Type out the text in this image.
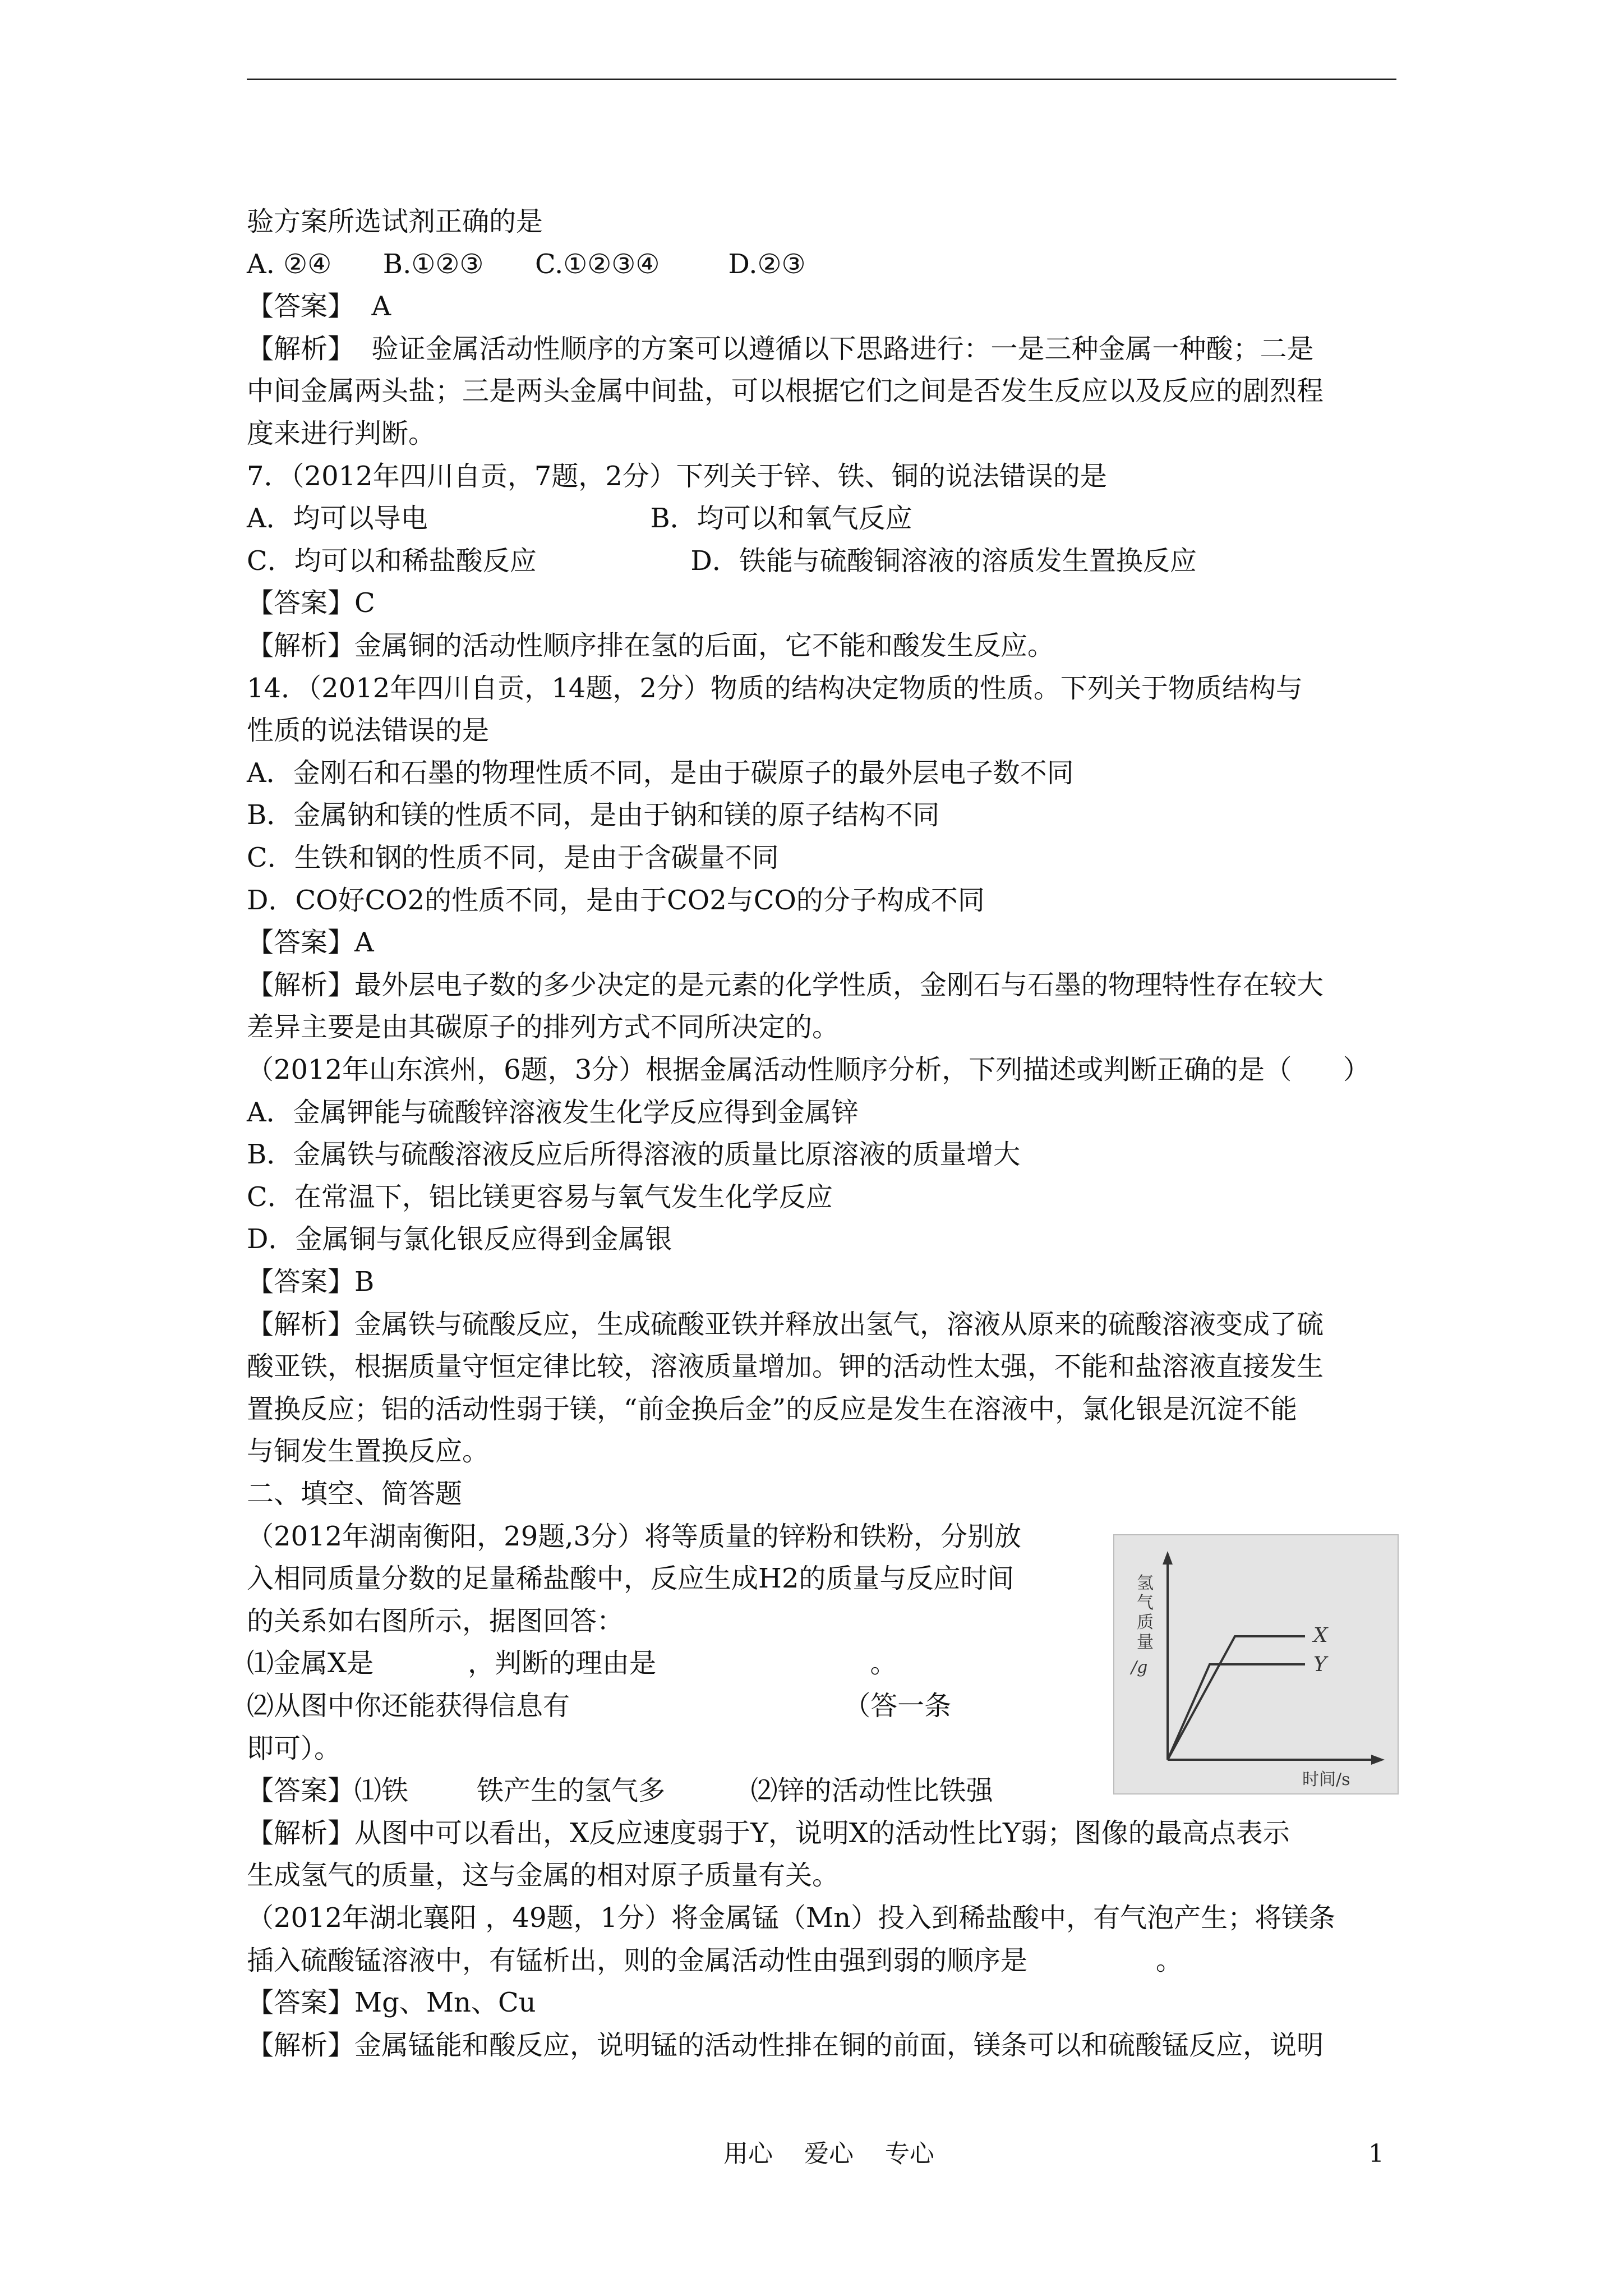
验方案所选试剂正确的是
A. ②④      B.①②③      C.①②③④        D.②③
【答案】  A
【解析】  验证金属活动性顺序的方案可以遵循以下思路进行：一是三种金属一种酸；二是
中间金属两头盐；三是两头金属中间盐，可以根据它们之间是否发生反应以及反应的剧烈程
度来进行判断。
7．（2012年四川自贡，7题，2分）下列关于锌、铁、铜的说法错误的是
A．均可以导电                          B．均可以和氧气反应
C．均可以和稀盐酸反应                  D．铁能与硫酸铜溶液的溶质发生置换反应
【答案】C
【解析】金属铜的活动性顺序排在氢的后面，它不能和酸发生反应。
14．（2012年四川自贡，14题，2分）物质的结构决定物质的性质。下列关于物质结构与
性质的说法错误的是
A．金刚石和石墨的物理性质不同，是由于碳原子的最外层电子数不同
B．金属钠和镁的性质不同，是由于钠和镁的原子结构不同
C．生铁和钢的性质不同，是由于含碳量不同
D．CO好CO2的性质不同，是由于CO2与CO的分子构成不同
【答案】A
【解析】最外层电子数的多少决定的是元素的化学性质，金刚石与石墨的物理特性存在较大
差异主要是由其碳原子的排列方式不同所决定的。
（2012年山东滨州，6题，3分）根据金属活动性顺序分析，下列描述或判断正确的是（      ）
A．金属钾能与硫酸锌溶液发生化学反应得到金属锌
B．金属铁与硫酸溶液反应后所得溶液的质量比原溶液的质量增大
C．在常温下，铝比镁更容易与氧气发生化学反应
D．金属铜与氯化银反应得到金属银
【答案】B
【解析】金属铁与硫酸反应，生成硫酸亚铁并释放出氢气，溶液从原来的硫酸溶液变成了硫
酸亚铁，根据质量守恒定律比较，溶液质量增加。钾的活动性太强，不能和盐溶液直接发生
置换反应；铝的活动性弱于镁，“前金换后金”的反应是发生在溶液中，氯化银是沉淀不能
与铜发生置换反应。
二、填空、简答题
（2012年湖南衡阳，29题,3分）将等质量的锌粉和铁粉，分别放
入相同质量分数的足量稀盐酸中，反应生成H2的质量与反应时间
的关系如右图所示，据图回答：
⑴金属X是           ，判断的理由是                         。
⑵从图中你还能获得信息有                                （答一条
即可）。
【答案】⑴铁        铁产生的氢气多          ⑵锌的活动性比铁强
【解析】从图中可以看出，X反应速度弱于Y，说明X的活动性比Y弱；图像的最高点表示
生成氢气的质量，这与金属的相对原子质量有关。
（2012年湖北襄阳 ，49题，1分）将金属锰（Mn）投入到稀盐酸中，有气泡产生；将镁条
插入硫酸锰溶液中，有锰析出，则的金属活动性由强到弱的顺序是               。
【答案】Mg、Mn、Cu
【解析】金属锰能和酸反应，说明锰的活动性排在铜的前面，镁条可以和硫酸锰反应，说明
氢
气
质
量
/g
X
Y
时间/s
用心    爱心    专心	1
